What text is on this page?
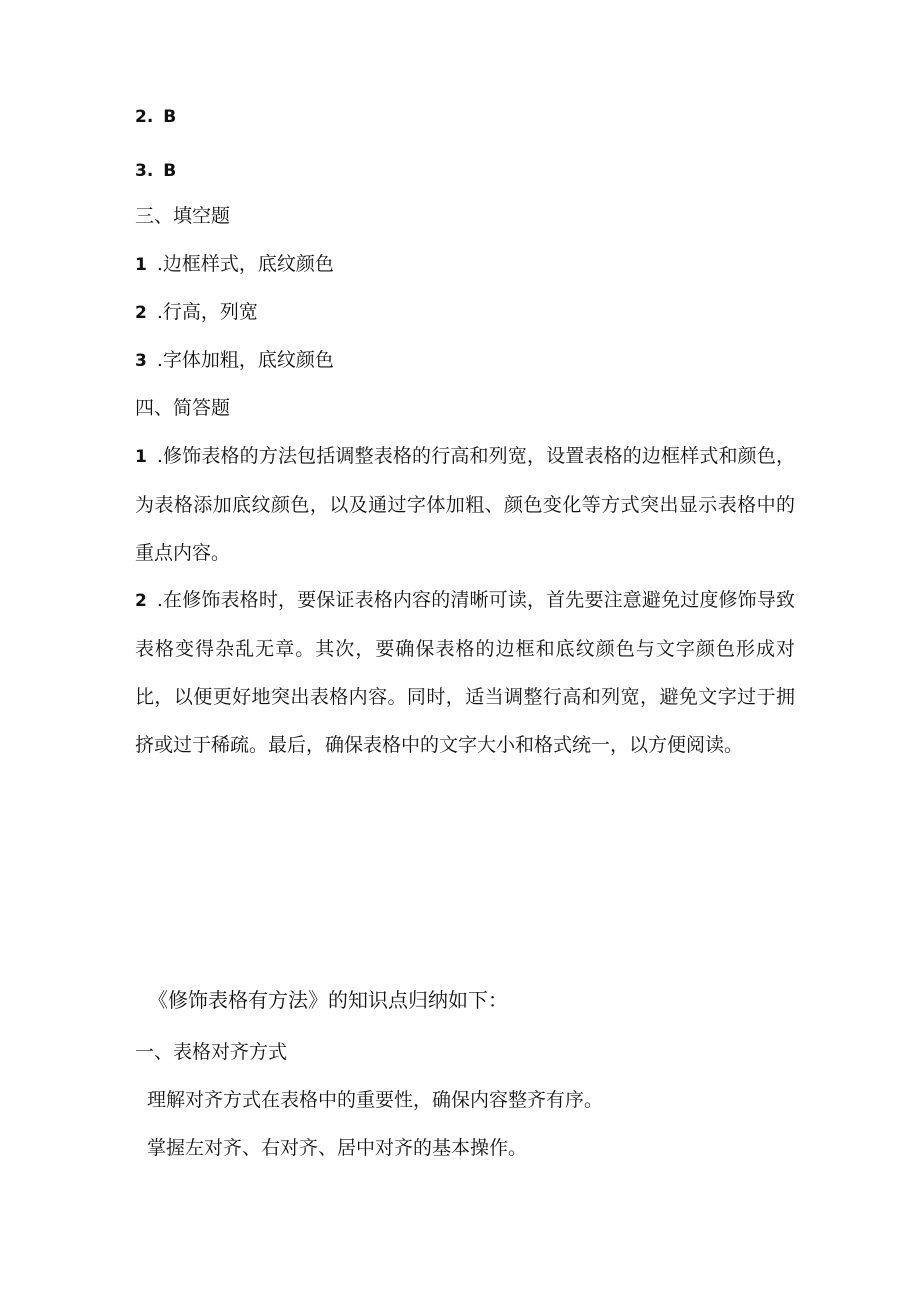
2. B
3. B
三、填空题
1 .边框样式，底纹颜色
2 .行高，列宽
3 .字体加粗，底纹颜色
四、简答题
1 .修饰表格的方法包括调整表格的行高和列宽，设置表格的边框样式和颜色，为表格添加底纹颜色，以及通过字体加粗、颜色变化等方式突出显示表格中的重点内容。
2 .在修饰表格时，要保证表格内容的清晰可读，首先要注意避免过度修饰导致表格变得杂乱无章。其次，要确保表格的边框和底纹颜色与文字颜色形成对比，以便更好地突出表格内容。同时，适当调整行高和列宽，避免文字过于拥挤或过于稀疏。最后，确保表格中的文字大小和格式统一，以方便阅读。
《修饰表格有方法》的知识点归纳如下：
一、表格对齐方式
理解对齐方式在表格中的重要性，确保内容整齐有序。
掌握左对齐、右对齐、居中对齐的基本操作。
